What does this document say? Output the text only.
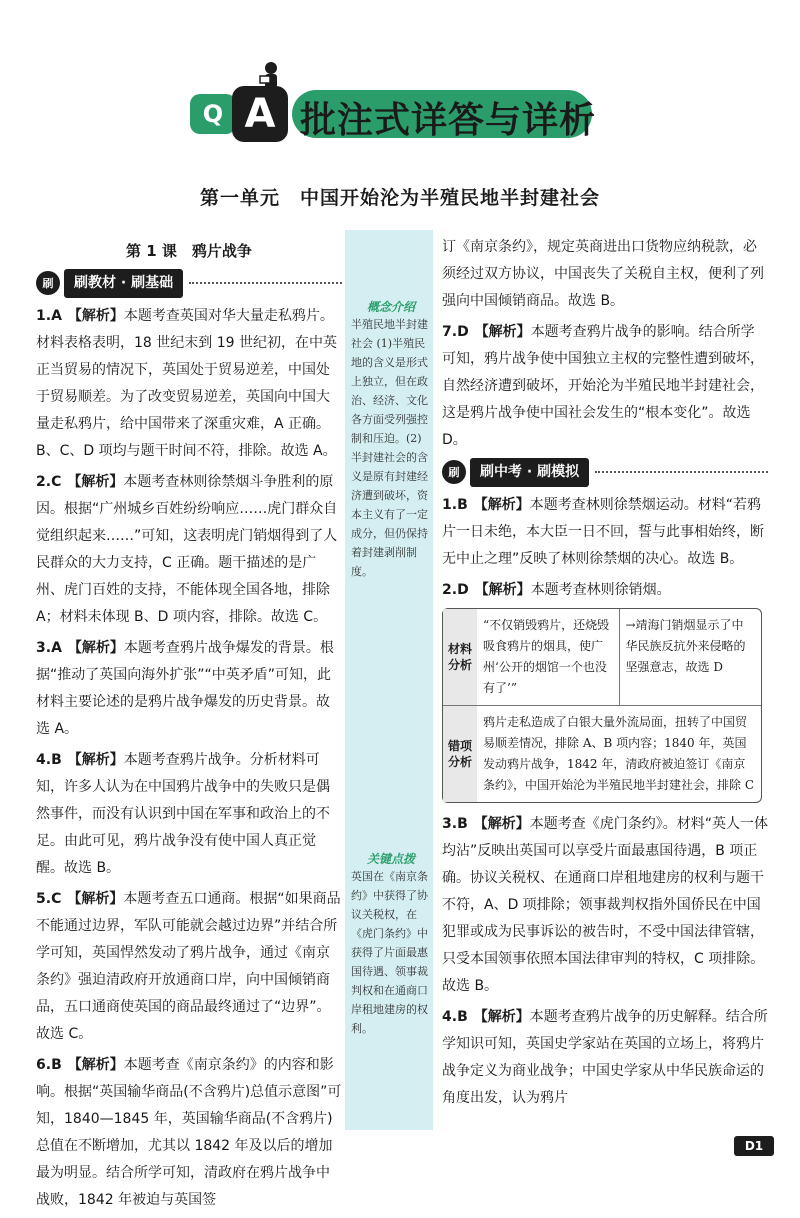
Q A 批注式详答与详析
第一单元　中国开始沦为半殖民地半封建社会

概念介绍

半殖民地半封建社会 (1)半殖民地的含义是形式上独立，但在政治、经济、文化各方面受列强控制和压迫。(2)半封建社会的含义是原有封建经济遭到破坏，资本主义有了一定成分，但仍保持着封建剥削制度。

关键点拨

英国在《南京条约》中获得了协议关税权，在《虎门条约》中获得了片面最惠国待遇、领事裁判权和在通商口岸租地建房的权利。

第 1 课　鸦片战争

刷	刷教材 · 刷基础

1.A 【解析】本题考查英国对华大量走私鸦片。材料表格表明，18 世纪末到 19 世纪初，在中英正当贸易的情况下，英国处于贸易逆差，中国处于贸易顺差。为了改变贸易逆差，英国向中国大量走私鸦片，给中国带来了深重灾难，A 正确。B、C、D 项均与题干时间不符，排除。故选 A。

2.C 【解析】本题考查林则徐禁烟斗争胜利的原因。根据“广州城乡百姓纷纷响应……虎门群众自觉组织起来……”可知，这表明虎门销烟得到了人民群众的大力支持，C 正确。题干描述的是广州、虎门百姓的支持，不能体现全国各地，排除 A；材料未体现 B、D 项内容，排除。故选 C。

3.A 【解析】本题考查鸦片战争爆发的背景。根据“推动了英国向海外扩张”“中英矛盾”可知，此材料主要论述的是鸦片战争爆发的历史背景。故选 A。

4.B 【解析】本题考查鸦片战争。分析材料可知，许多人认为在中国鸦片战争中的失败只是偶然事件，而没有认识到中国在军事和政治上的不足。由此可见，鸦片战争没有使中国人真正觉醒。故选 B。

5.C 【解析】本题考查五口通商。根据“如果商品不能通过边界，军队可能就会越过边界”并结合所学可知，英国悍然发动了鸦片战争，通过《南京条约》强迫清政府开放通商口岸，向中国倾销商品，五口通商使英国的商品最终通过了“边界”。故选 C。

6.B 【解析】本题考查《南京条约》的内容和影响。根据“英国输华商品(不含鸦片)总值示意图”可知，1840—1845 年，英国输华商品(不含鸦片)总值在不断增加，尤其以 1842 年及以后的增加最为明显。结合所学可知，清政府在鸦片战争中战败，1842 年被迫与英国签

订《南京条约》，规定英商进出口货物应纳税款，必须经过双方协议，中国丧失了关税自主权，便利了列强向中国倾销商品。故选 B。

7.D 【解析】本题考查鸦片战争的影响。结合所学可知，鸦片战争使中国独立主权的完整性遭到破坏，自然经济遭到破坏，开始沦为半殖民地半封建社会，这是鸦片战争使中国社会发生的“根本变化”。故选 D。

刷	刷中考 · 刷模拟

1.B 【解析】本题考查林则徐禁烟运动。材料“若鸦片一日未绝，本大臣一日不回，誓与此事相始终，断无中止之理”反映了林则徐禁烟的决心。故选 B。

2.D 【解析】本题考查林则徐销烟。

材料分析
“不仅销毁鸦片，还烧毁吸食鸦片的烟具，使广州‘公开的烟馆一个也没有了’”
→靖海门销烟显示了中华民族反抗外来侵略的坚强意志，故选 D
错项分析
鸦片走私造成了白银大量外流局面，扭转了中国贸易顺差情况，排除 A、B 项内容；1840 年，英国发动鸦片战争，1842 年，清政府被迫签订《南京条约》，中国开始沦为半殖民地半封建社会，排除 C

3.B 【解析】本题考查《虎门条约》。材料“英人一体均沾”反映出英国可以享受片面最惠国待遇，B 项正确。协议关税权、在通商口岸租地建房的权利与题干不符，A、D 项排除；领事裁判权指外国侨民在中国犯罪或成为民事诉讼的被告时，不受中国法律管辖，只受本国领事依照本国法律审判的特权，C 项排除。故选 B。

4.B 【解析】本题考查鸦片战争的历史解释。结合所学知识可知，英国史学家站在英国的立场上，将鸦片战争定义为商业战争；中国史学家从中华民族命运的角度出发，认为鸦片

D1
